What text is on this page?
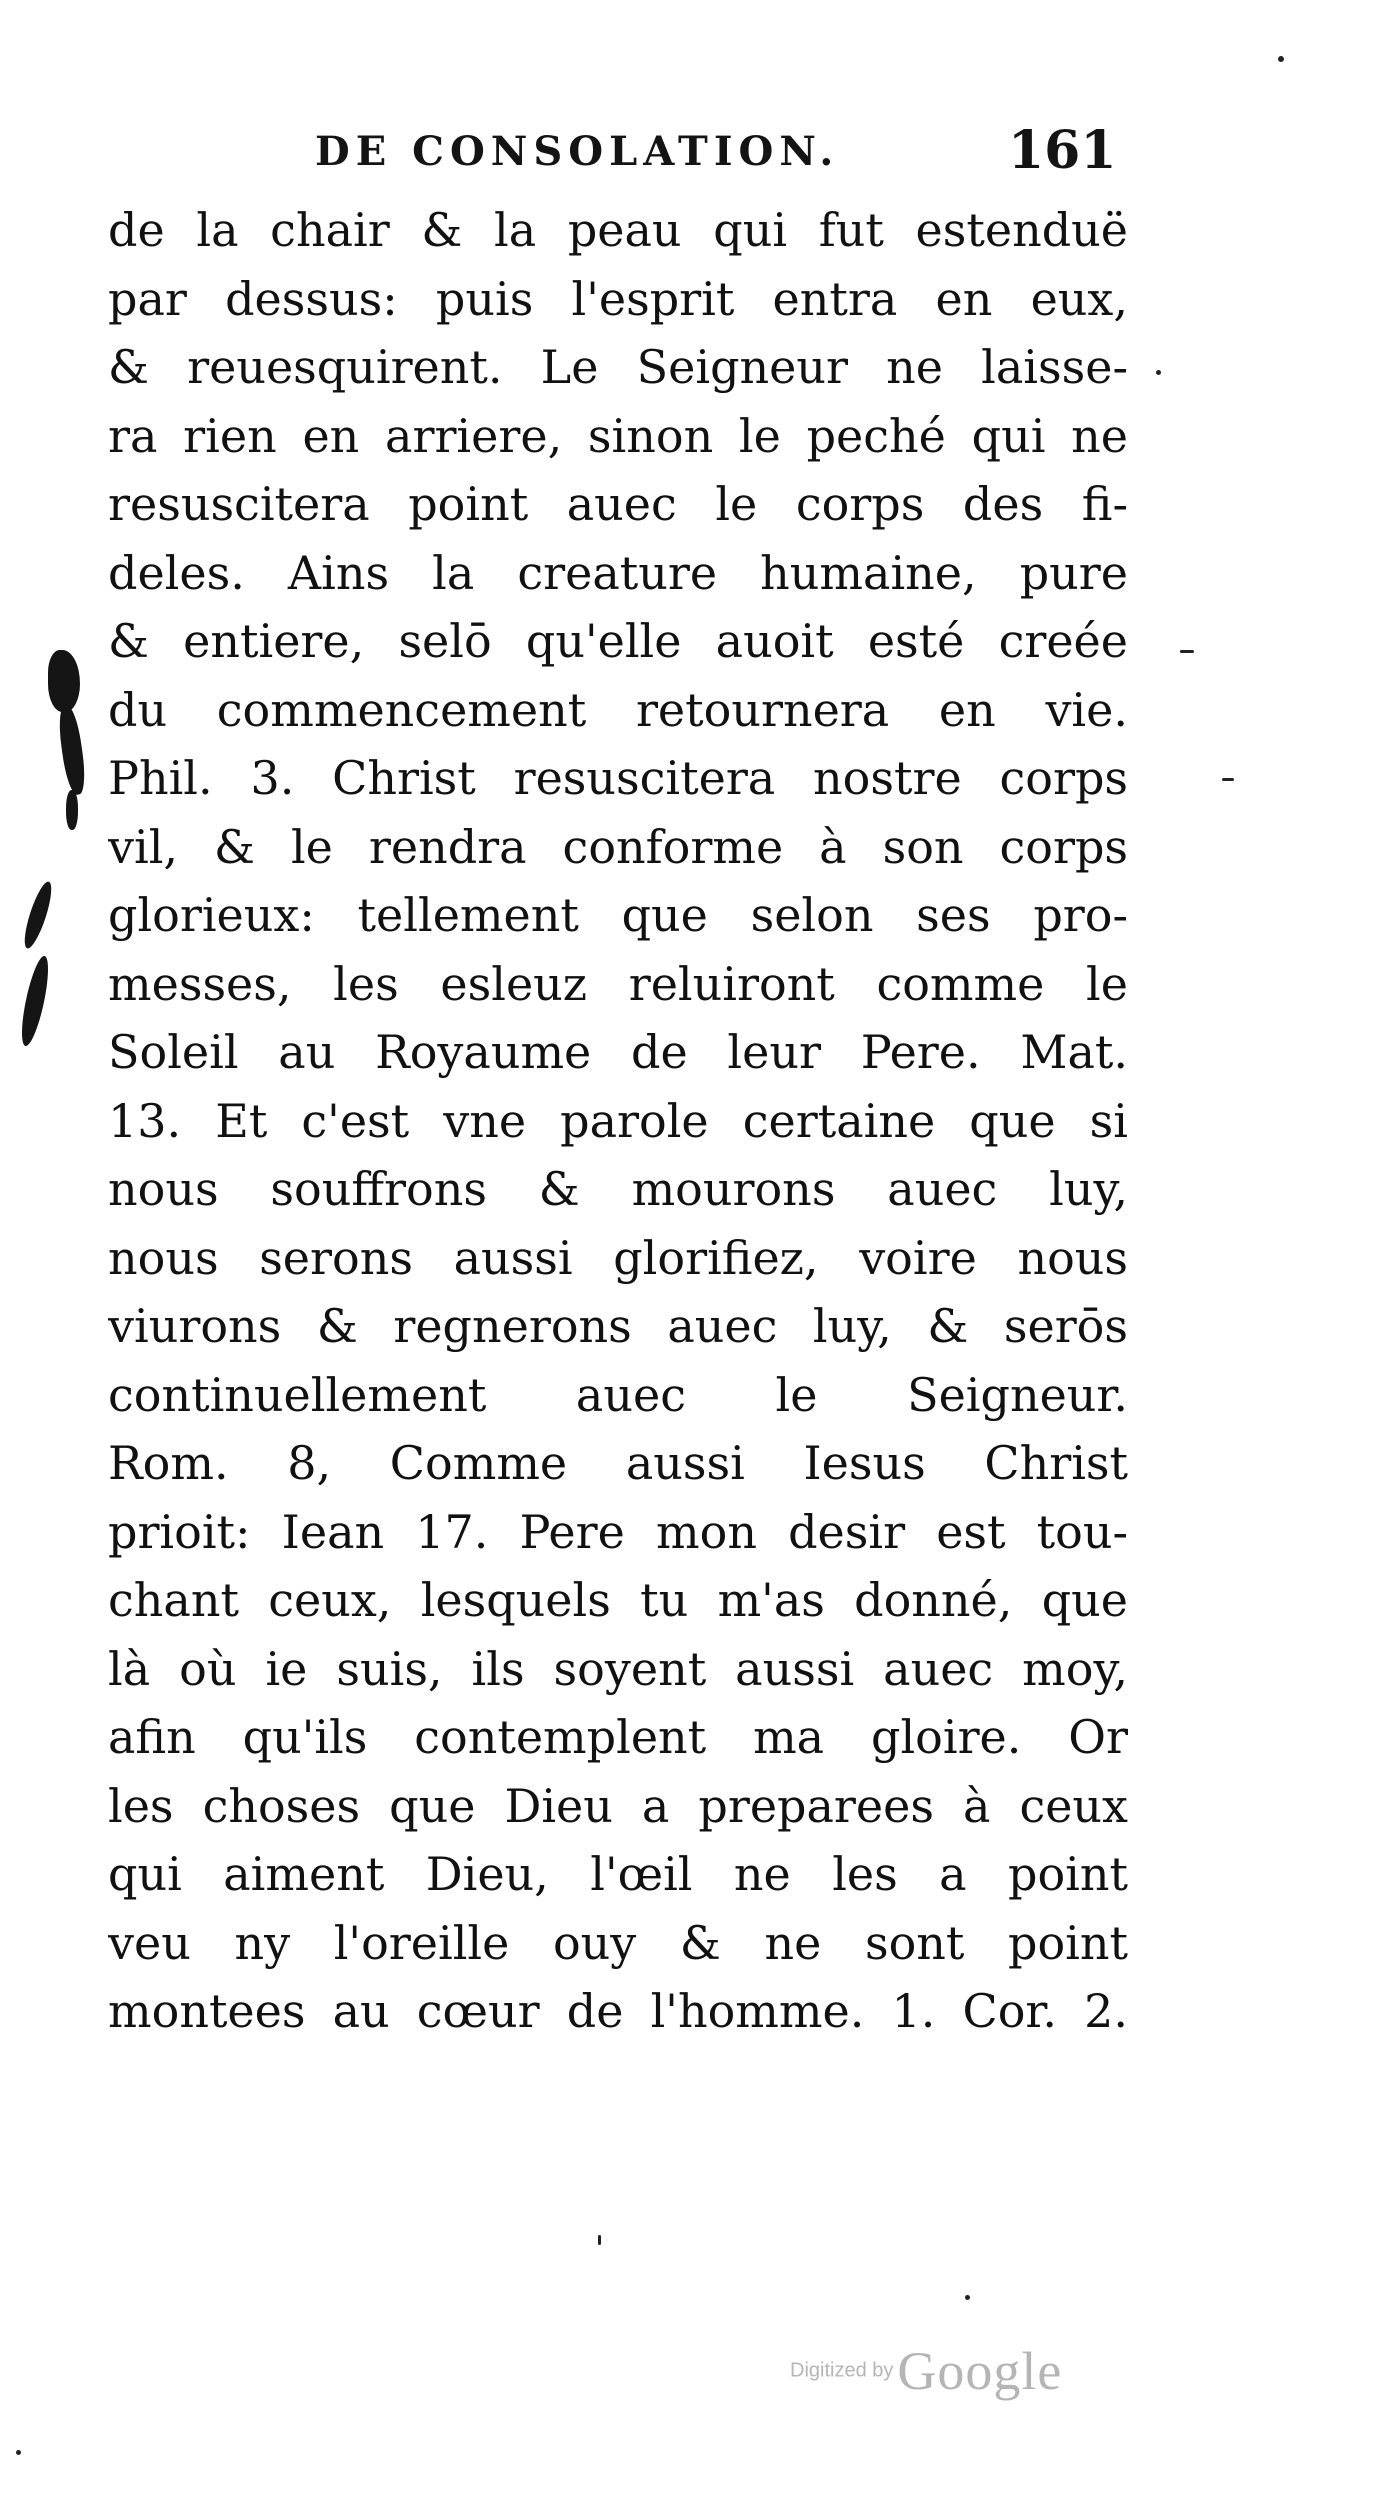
DE CONSOLATION.	161
de la chair & la peau qui fut estenduë
par dessus: puis l'esprit entra en eux,
& reuesquirent. Le Seigneur ne laisse-
ra rien en arriere, sinon le peché qui ne
resuscitera point auec le corps des fi-
deles. Ains la creature humaine, pure
& entiere, selō qu'elle auoit esté creée
du commencement retournera en vie.
Phil. 3. Christ resuscitera nostre corps
vil, & le rendra conforme à son corps
glorieux: tellement que selon ses pro-
messes, les esleuz reluiront comme le
Soleil au Royaume de leur Pere. Mat.
13. Et c'est vne parole certaine que si
nous souffrons & mourons auec luy,
nous serons aussi glorifiez, voire nous
viurons & regnerons auec luy, & serōs
continuellement auec le Seigneur.
Rom. 8, Comme aussi Iesus Christ
prioit: Iean 17. Pere mon desir est tou-
chant ceux, lesquels tu m'as donné, que
là où ie suis, ils soyent aussi auec moy,
afin qu'ils contemplent ma gloire. Or
les choses que Dieu a preparees à ceux
qui aiment Dieu, l'œil ne les a point
veu ny l'oreille ouy & ne sont point
montees au cœur de l'homme. 1. Cor. 2.
Digitized by Google
